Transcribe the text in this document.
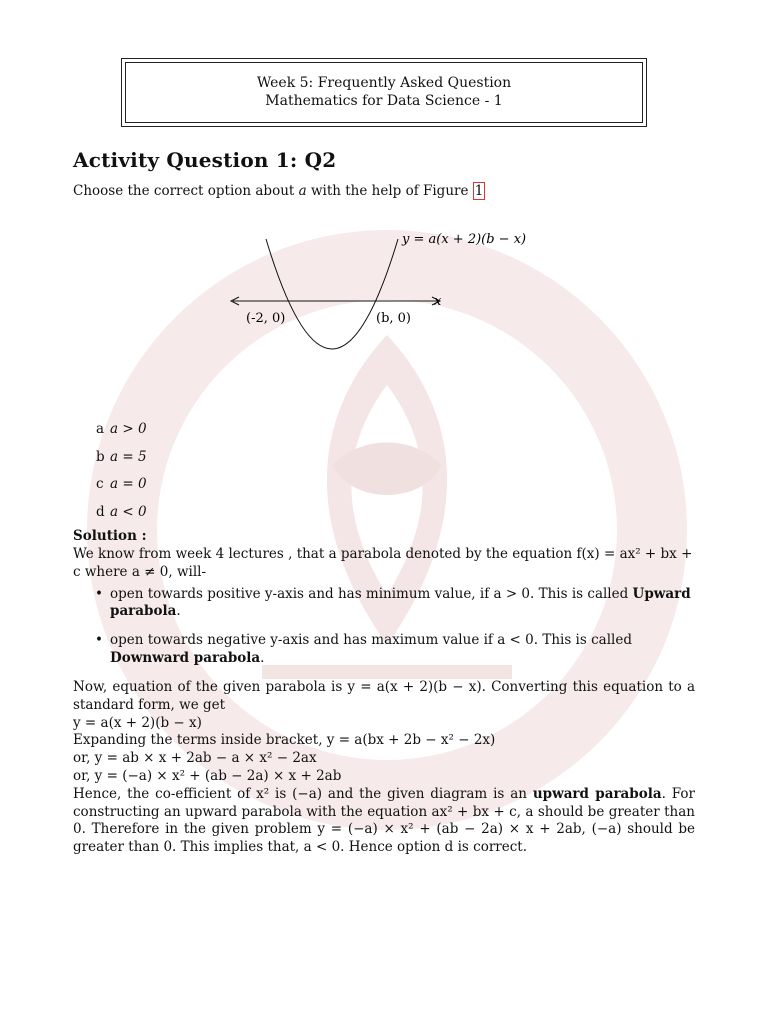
Week 5: Frequently Asked Question
Mathematics for Data Science - 1
Activity Question 1: Q2

Choose the correct option about a with the help of Figure 1

y = a(x + 2)(b − x)
x
(-2, 0)	(b, 0)
a a > 0
b a = 5
c a = 0
d a < 0
Solution :

We know from week 4 lectures , that a parabola denoted by the equation f(x) = ax² + bx + c where a ≠ 0, will-

• open towards positive y-axis and has minimum value, if a > 0. This is called Upward parabola.
• open towards negative y-axis and has maximum value if a < 0. This is called Downward parabola.

Now, equation of the given parabola is y = a(x + 2)(b − x). Converting this equation to a standard form, we get

y = a(x + 2)(b − x)

Expanding the terms inside bracket, y = a(bx + 2b − x² − 2x)

or, y = ab × x + 2ab − a × x² − 2ax

or, y = (−a) × x² + (ab − 2a) × x + 2ab

Hence, the co-efficient of x² is (−a) and the given diagram is an upward parabola. For constructing an upward parabola with the equation ax² + bx + c, a should be greater than 0. Therefore in the given problem y = (−a) × x² + (ab − 2a) × x + 2ab, (−a) should be greater than 0. This implies that, a < 0. Hence option d is correct.
